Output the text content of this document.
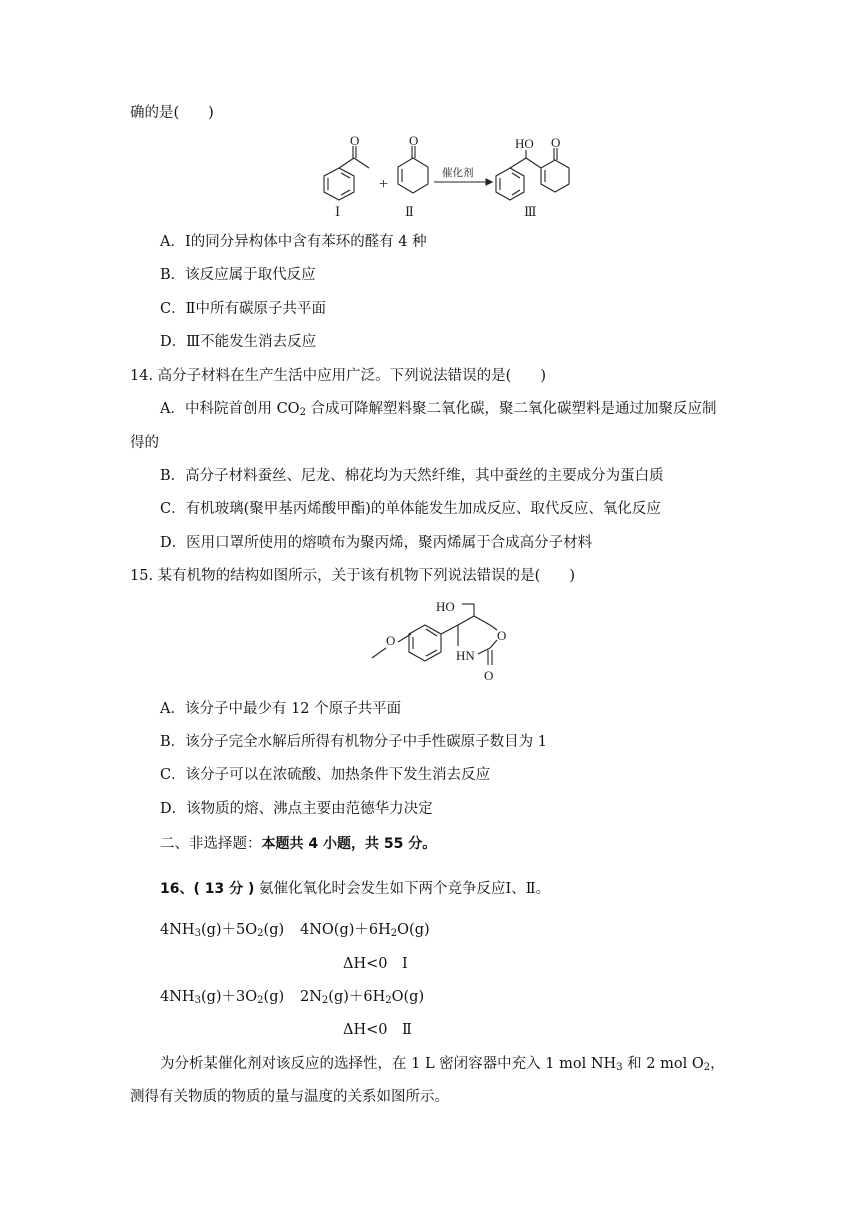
确的是(　　)
O
Ⅰ
+
O
Ⅱ
催化剂
HO O
Ⅲ
HO
O	O
HN
O
A．Ⅰ的同分异构体中含有苯环的醛有 4 种
B．该反应属于取代反应
C．Ⅱ中所有碳原子共平面
D．Ⅲ不能发生消去反应
14. 高分子材料在生产生活中应用广泛。下列说法错误的是(　　)
A．中科院首创用 $CO_2$ 合成可降解塑料聚二氧化碳，聚二氧化碳塑料是通过加聚反应制
得的
B．高分子材料蚕丝、尼龙、棉花均为天然纤维，其中蚕丝的主要成分为蛋白质
C．有机玻璃(聚甲基丙烯酸甲酯)的单体能发生加成反应、取代反应、氧化反应
D．医用口罩所使用的熔喷布为聚丙烯，聚丙烯属于合成高分子材料
15. 某有机物的结构如图所示，关于该有机物下列说法错误的是(　　)
A．该分子中最少有 12 个原子共平面
B．该分子完全水解后所得有机物分子中手性碳原子数目为 1
C．该分子可以在浓硫酸、加热条件下发生消去反应
D．该物质的熔、沸点主要由范德华力决定
二、非选择题：本题共 4 小题，共 55 分。
16、( 13 分 ) 氨催化氧化时会发生如下两个竞争反应Ⅰ、Ⅱ。
$4NH_3(g)+5O_2(g)$ $4NO(g)+6H_2O(g)$
ΔH<0　Ⅰ
$4NH_3(g)+3O_2(g)$ $2N_2(g)+6H_2O(g)$
ΔH<0　Ⅱ
为分析某催化剂对该反应的选择性，在 1 L 密闭容器中充入 1 mol $NH_3$ 和 2 mol $O_2$，
测得有关物质的物质的量与温度的关系如图所示。
